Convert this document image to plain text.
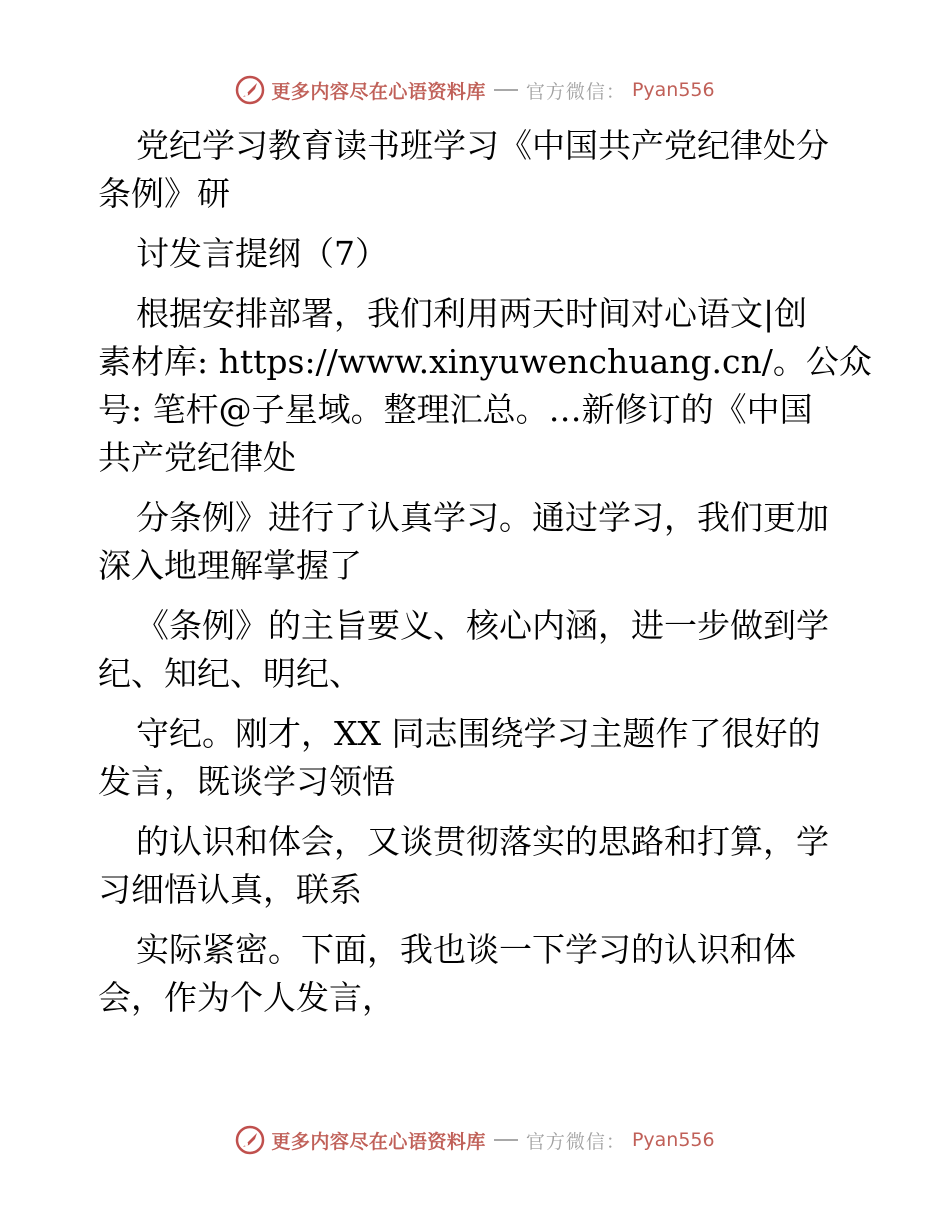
更多内容尽在心语资料库 官方微信： Pyan556

党纪学习教育读书班学习《中国共产党纪律处分

条例》研

讨发言提纲（7）

根据安排部署，我们利用两天时间对心语文|创

素材库: https://www.xinyuwenchuang.cn/。公众

号: 笔杆@子星域。整理汇总。…新修订的《中国

共产党纪律处

分条例》进行了认真学习。通过学习，我们更加

深入地理解掌握了

《条例》的主旨要义、核心内涵，进一步做到学

纪、知纪、明纪、

守纪。刚才，XX 同志围绕学习主题作了很好的

发言，既谈学习领悟

的认识和体会，又谈贯彻落实的思路和打算，学

习细悟认真，联系

实际紧密。下面，我也谈一下学习的认识和体

会，作为个人发言，

更多内容尽在心语资料库 官方微信： Pyan556
